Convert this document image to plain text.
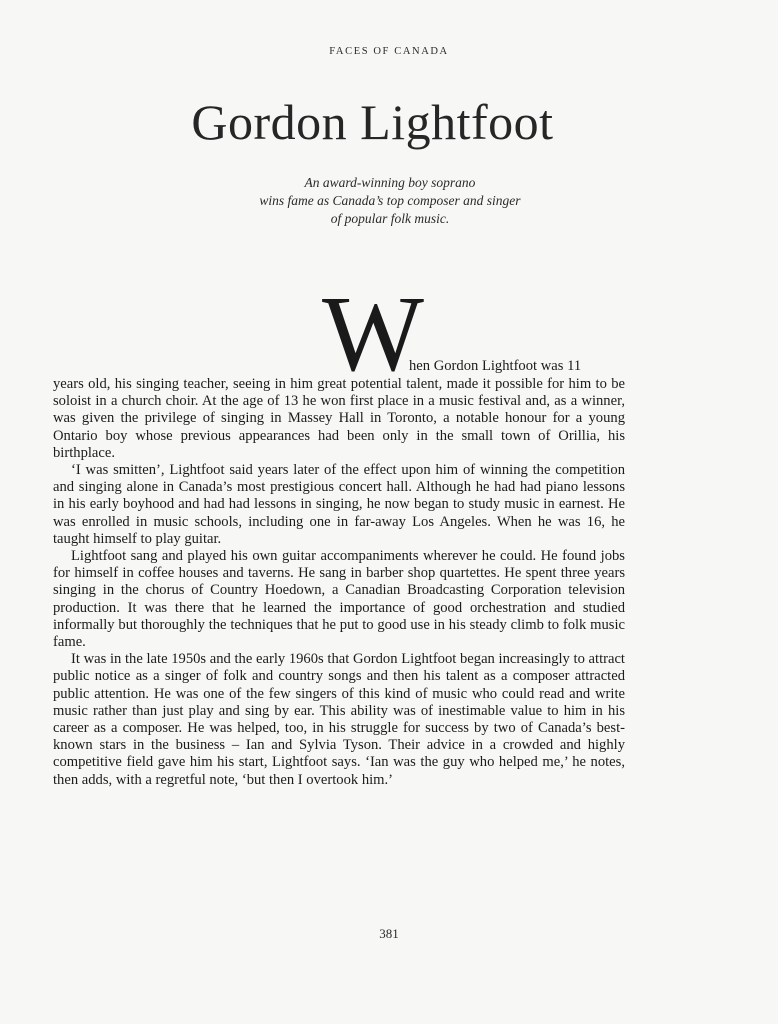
FACES OF CANADA
Gordon Lightfoot
An award-winning boy soprano
wins fame as Canada’s top composer and singer
of popular folk music.
W
hen Gordon Lightfoot was 11

years old, his singing teacher, seeing in him great potential talent, made it possible for him to be soloist in a church choir. At the age of 13 he won first place in a music festival and, as a winner, was given the privilege of singing in Massey Hall in Toronto, a notable honour for a young Ontario boy whose previous appearances had been only in the small town of Orillia, his birthplace.

‘I was smitten’, Lightfoot said years later of the effect upon him of winning the competition and singing alone in Canada’s most prestigious concert hall. Although he had had piano lessons in his early boyhood and had had lessons in singing, he now began to study music in earnest. He was enrolled in music schools, including one in far-away Los Angeles. When he was 16, he taught himself to play guitar.

Lightfoot sang and played his own guitar accompaniments wherever he could. He found jobs for himself in coffee houses and taverns. He sang in barber shop quartettes. He spent three years singing in the chorus of Country Hoedown, a Canadian Broadcasting Corporation television production. It was there that he learned the importance of good orchestration and studied informally but thoroughly the techniques that he put to good use in his steady climb to folk music fame.

It was in the late 1950s and the early 1960s that Gordon Lightfoot began increasingly to attract public notice as a singer of folk and country songs and then his talent as a composer attracted public attention. He was one of the few singers of this kind of music who could read and write music rather than just play and sing by ear. This ability was of inestimable value to him in his career as a composer. He was helped, too, in his struggle for success by two of Canada’s best-known stars in the business – Ian and Sylvia Tyson. Their advice in a crowded and highly competitive field gave him his start, Lightfoot says. ‘Ian was the guy who helped me,’ he notes, then adds, with a regretful note, ‘but then I overtook him.’

381
